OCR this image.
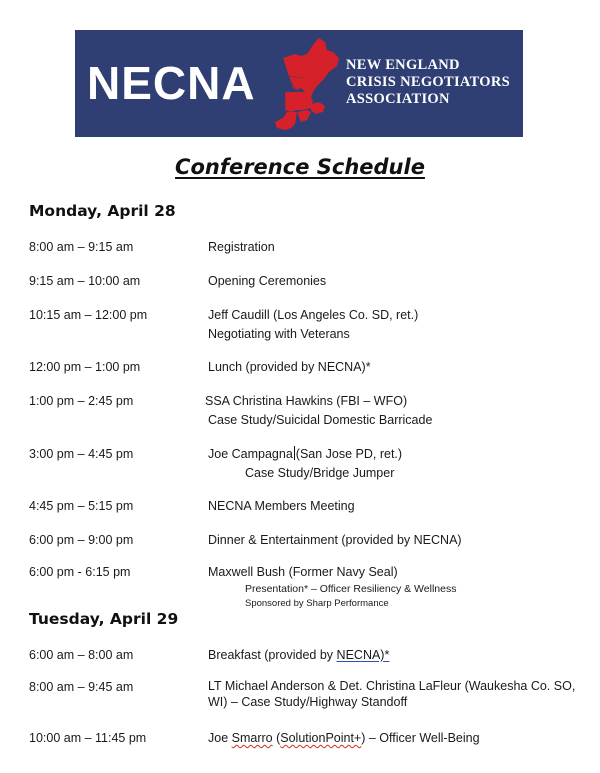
NECNA	NEW ENGLAND
CRISIS NEGOTIATORS
ASSOCIATION
Conference Schedule
Monday, April 28
8:00 am – 9:15 am	Registration
9:15 am – 10:00 am	Opening Ceremonies
10:15 am – 12:00 pm	Jeff Caudill (Los Angeles Co. SD, ret.)
Negotiating with Veterans
12:00 pm – 1:00 pm	Lunch (provided by NECNA)*
1:00 pm – 2:45 pm	SSA Christina Hawkins (FBI – WFO)
Case Study/Suicidal Domestic Barricade
3:00 pm – 4:45 pm	Joe Campagna (San Jose PD, ret.)
Case Study/Bridge Jumper
4:45 pm – 5:15 pm	NECNA Members Meeting
6:00 pm – 9:00 pm	Dinner & Entertainment (provided by NECNA)
6:00 pm - 6:15 pm	Maxwell Bush (Former Navy Seal)
Presentation* – Officer Resiliency & Wellness
Sponsored by Sharp Performance
Tuesday, April 29
6:00 am – 8:00 am	Breakfast (provided by NECNA)*
8:00 am – 9:45 am	LT Michael Anderson & Det. Christina LaFleur (Waukesha Co. SO, WI) – Case Study/Highway Standoff
10:00 am – 11:45 pm	Joe Smarro (SolutionPoint+) – Officer Well-Being
